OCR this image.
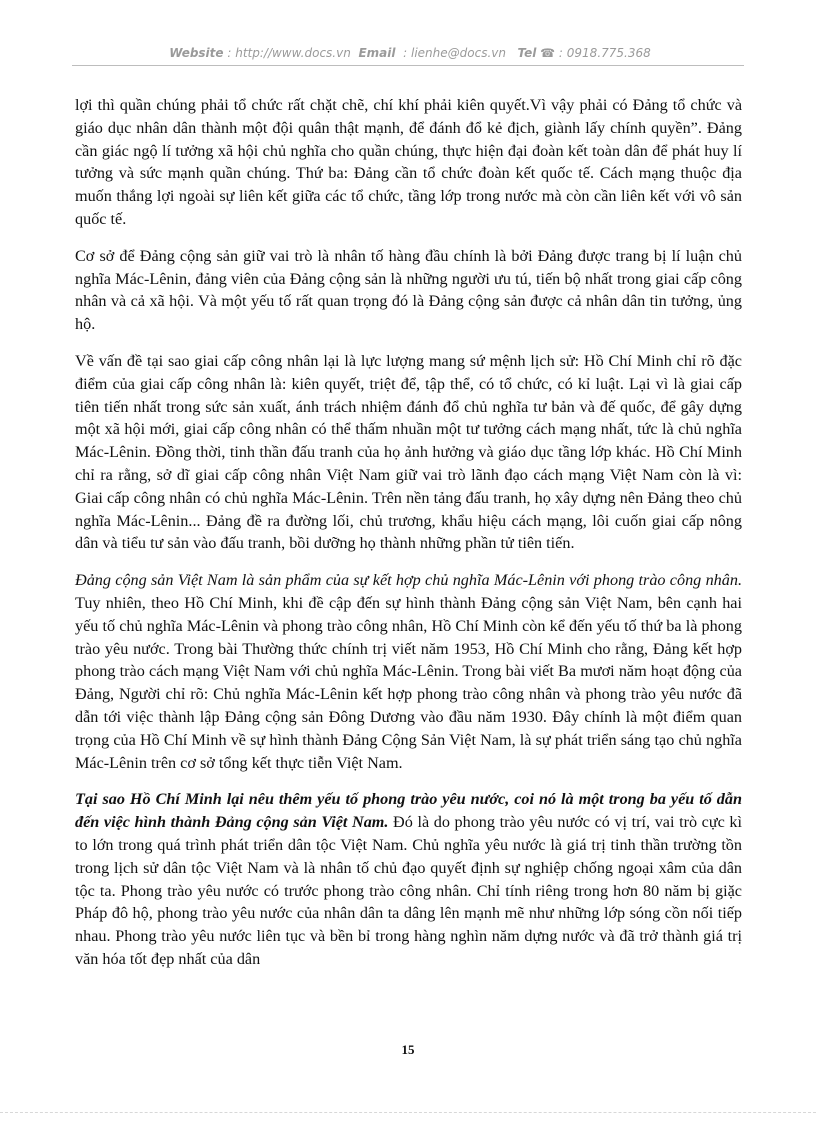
Website : http://www.docs.vn Email : lienhe@docs.vn Tel ☎ : 0918.775.368

lợi thì quần chúng phải tổ chức rất chặt chẽ, chí khí phải kiên quyết.Vì vậy phải có Đảng tổ chức và giáo dục nhân dân thành một đội quân thật mạnh, để đánh đổ kẻ địch, giành lấy chính quyền”. Đảng cần giác ngộ lí tưởng xã hội chủ nghĩa cho quần chúng, thực hiện đại đoàn kết toàn dân để phát huy lí tưởng và sức mạnh quần chúng. Thứ ba: Đảng cần tổ chức đoàn kết quốc tế. Cách mạng thuộc địa muốn thắng lợi ngoài sự liên kết giữa các tổ chức, tầng lớp trong nước mà còn cần liên kết với vô sản quốc tế.

Cơ sở để Đảng cộng sản giữ vai trò là nhân tố hàng đầu chính là bởi Đảng được trang bị lí luận chủ nghĩa Mác-Lênin, đảng viên của Đảng cộng sản là những người ưu tú, tiến bộ nhất trong giai cấp công nhân và cả xã hội. Và một yếu tố rất quan trọng đó là Đảng cộng sản được cả nhân dân tin tưởng, ủng hộ.

Về vấn đề tại sao giai cấp công nhân lại là lực lượng mang sứ mệnh lịch sử: Hồ Chí Minh chỉ rõ đặc điểm của giai cấp công nhân là: kiên quyết, triệt để, tập thể, có tổ chức, có kỉ luật. Lại vì là giai cấp tiên tiến nhất trong sức sản xuất, ánh trách nhiệm đánh đổ chủ nghĩa tư bản và đế quốc, để gây dựng một xã hội mới, giai cấp công nhân có thể thấm nhuần một tư tưởng cách mạng nhất, tức là chủ nghĩa Mác-Lênin. Đồng thời, tinh thần đấu tranh của họ ảnh hưởng và giáo dục tầng lớp khác. Hồ Chí Minh chỉ ra rằng, sở dĩ giai cấp công nhân Việt Nam giữ vai trò lãnh đạo cách mạng Việt Nam còn là vì: Giai cấp công nhân có chủ nghĩa Mác-Lênin. Trên nền tảng đấu tranh, họ xây dựng nên Đảng theo chủ nghĩa Mác-Lênin... Đảng đề ra đường lối, chủ trương, khẩu hiệu cách mạng, lôi cuốn giai cấp nông dân và tiểu tư sản vào đấu tranh, bồi dưỡng họ thành những phần tử tiên tiến.

Đảng cộng sản Việt Nam là sản phẩm của sự kết hợp chủ nghĩa Mác-Lênin với phong trào công nhân. Tuy nhiên, theo Hồ Chí Minh, khi đề cập đến sự hình thành Đảng cộng sản Việt Nam, bên cạnh hai yếu tố chủ nghĩa Mác-Lênin và phong trào công nhân, Hồ Chí Minh còn kể đến yếu tố thứ ba là phong trào yêu nước. Trong bài Thường thức chính trị viết năm 1953, Hồ Chí Minh cho rằng, Đảng kết hợp phong trào cách mạng Việt Nam với chủ nghĩa Mác-Lênin. Trong bài viết Ba mươi năm hoạt động của Đảng, Người chỉ rõ: Chủ nghĩa Mác-Lênin kết hợp phong trào công nhân và phong trào yêu nước đã dẫn tới việc thành lập Đảng cộng sản Đông Dương vào đầu năm 1930. Đây chính là một điểm quan trọng của Hồ Chí Minh về sự hình thành Đảng Cộng Sản Việt Nam, là sự phát triển sáng tạo chủ nghĩa Mác-Lênin trên cơ sở tổng kết thực tiễn Việt Nam.

Tại sao Hồ Chí Minh lại nêu thêm yếu tố phong trào yêu nước, coi nó là một trong ba yếu tố dẫn đến việc hình thành Đảng cộng sản Việt Nam. Đó là do phong trào yêu nước có vị trí, vai trò cực kì to lớn trong quá trình phát triển dân tộc Việt Nam. Chủ nghĩa yêu nước là giá trị tinh thần trường tồn trong lịch sử dân tộc Việt Nam và là nhân tố chủ đạo quyết định sự nghiệp chống ngoại xâm của dân tộc ta. Phong trào yêu nước có trước phong trào công nhân. Chỉ tính riêng trong hơn 80 năm bị giặc Pháp đô hộ, phong trào yêu nước của nhân dân ta dâng lên mạnh mẽ như những lớp sóng cồn nối tiếp nhau. Phong trào yêu nước liên tục và bền bỉ trong hàng nghìn năm dựng nước và đã trở thành giá trị văn hóa tốt đẹp nhất của dân

15
